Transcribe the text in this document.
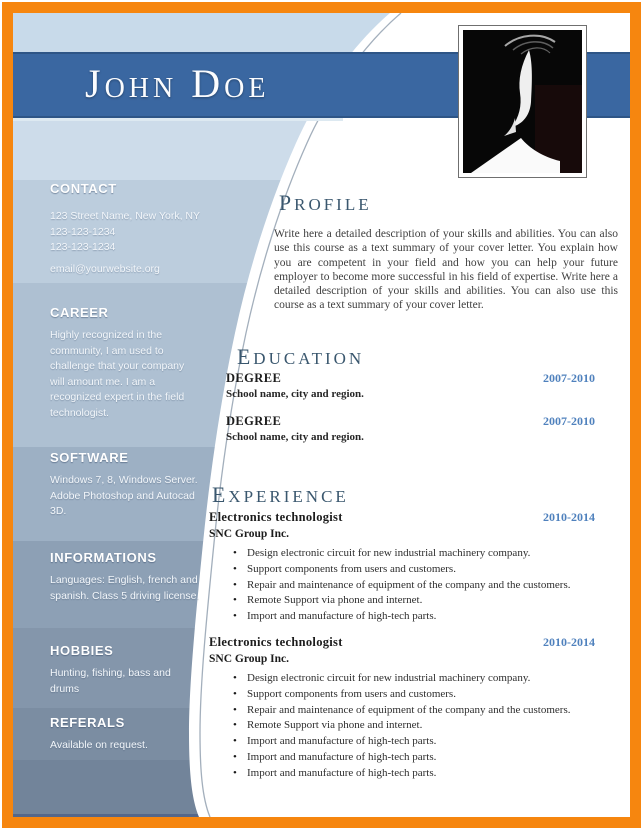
John Doe
CONTACT
123 Street Name, New York, NY
123-123-1234
123-123-1234
email@yourwebsite.org
CAREER
Highly recognized in the community, I am used to challenge that your company will amount me. I am a recognized expert in the field technologist.
SOFTWARE
Windows 7, 8, Windows Server. Adobe Photoshop and Autocad 3D.
INFORMATIONS
Languages: English, french and spanish. Class 5 driving license.
HOBBIES
Hunting, fishing, bass and drums
REFERALS
Available on request.
PROFILE
Write here a detailed description of your skills and abilities. You can also use this course as a text summary of your cover letter. You explain how you are competent in your field and how you can help your future employer to become more successful in his field of expertise. Write here a detailed description of your skills and abilities. You can also use this course as a text summary of your cover letter.
EDUCATION
DEGREE	2007-2010
School name, city and region.
DEGREE	2007-2010
School name, city and region.
EXPERIENCE
Electronics technologist	2010-2014
SNC Group Inc.
• Design electronic circuit for new industrial machinery company.
• Support components from users and customers.
• Repair and maintenance of equipment of the company and the customers.
• Remote Support via phone and internet.
• Import and manufacture of high-tech parts.
Electronics technologist	2010-2014
SNC Group Inc.
• Design electronic circuit for new industrial machinery company.
• Support components from users and customers.
• Repair and maintenance of equipment of the company and the customers.
• Remote Support via phone and internet.
• Import and manufacture of high-tech parts.
• Import and manufacture of high-tech parts.
• Import and manufacture of high-tech parts.
